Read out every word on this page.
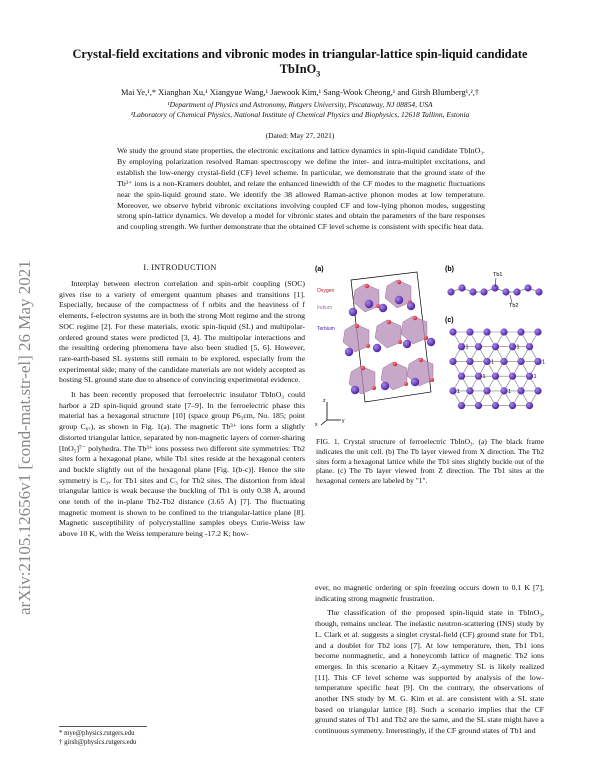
arXiv:2105.12656v1 [cond-mat.str-el] 26 May 2021
Crystal-field excitations and vibronic modes in triangular-lattice spin-liquid candidate
TbInO$_3$
Mai Ye,¹,* Xianghan Xu,¹ Xiangyue Wang,¹ Jaewook Kim,¹ Sang-Wook Cheong,¹ and Girsh Blumberg¹,²,†
¹Department of Physics and Astronomy, Rutgers University, Piscataway, NJ 08854, USA
²Laboratory of Chemical Physics, National Institute of Chemical Physics and Biophysics, 12618 Tallinn, Estonia
(Dated: May 27, 2021)

We study the ground state properties, the electronic excitations and lattice dynamics in spin-liquid candidate TbInO₃. By employing polarization resolved Raman spectroscopy we define the inter- and intra-multiplet excitations, and establish the low-energy crystal-field (CF) level scheme. In particular, we demonstrate that the ground state of the Tb³⁺ ions is a non-Kramers doublet, and relate the enhanced linewidth of the CF modes to the magnetic fluctuations near the spin-liquid ground state. We identify the 38 allowed Raman-active phonon modes at low temperature. Moreover, we observe hybrid vibronic excitations involving coupled CF and low-lying phonon modes, suggesting strong spin-lattice dynamics. We develop a model for vibronic states and obtain the parameters of the bare responses and coupling strength. We further demonstrate that the obtained CF level scheme is consistent with specific heat data.

I. INTRODUCTION

Interplay between electron correlation and spin-orbit coupling (SOC) gives rise to a variety of emergent quantum phases and transitions [1]. Especially, because of the compactness of f orbits and the heaviness of f elements, f-electron systems are in both the strong Mott regime and the strong SOC regime [2]. For these materials, exotic spin-liquid (SL) and multipolar-ordered ground states were predicted [3, 4]. The multipolar interactions and the resulting ordering phenomena have also been studied [5, 6]. However, rare-earth-based SL systems still remain to be explored, especially from the experimental side; many of the candidate materials are not widely accepted as hosting SL ground state due to absence of convincing experimental evidence.

It has been recently proposed that ferroelectric insulator TbInO₃ could harbor a 2D spin-liquid ground state [7–9]. In the ferroelectric phase this material has a hexagonal structure [10] (space group P6₃cm, No. 185; point group C₆ᵥ), as shown in Fig. 1(a). The magnetic Tb³⁺ ions form a slightly distorted triangular lattice, separated by non-magnetic layers of corner-sharing [InO₅]⁷⁻ polyhedra. The Tb³⁺ ions possess two different site symmetries: Tb2 sites form a hexagonal plane, while Tb1 sites reside at the hexagonal centers and buckle slightly out of the hexagonal plane [Fig. 1(b-c)]. Hence the site symmetry is C₃ᵥ for Tb1 sites and C₃ for Tb2 sites. The distortion from ideal triangular lattice is weak because the buckling of Tb1 is only 0.38 Å, around one tenth of the in-plane Tb2-Tb2 distance (3.65 Å) [7]. The fluctuating magnetic moment is shown to be confined to the triangular-lattice plane [8]. Magnetic susceptibility of polycrystalline samples obeys Curie-Weiss law above 10 K, with the Weiss temperature being -17.2 K; how-

(a)
Oxygen
Indium
Terbium
z
y
x
(b)
Tb1
Tb2
(c)
1	1
1	1
1	1
1	1

FIG. 1. Crystal structure of ferroelectric TbInO₃. (a) The black frame indicates the unit cell. (b) The Tb layer viewed from X direction. The Tb2 sites form a hexagonal lattice while the Tb1 sites slightly buckle out of the plane. (c) The Tb layer viewed from Z direction. The Tb1 sites at the hexagonal centers are labeled by "1".

ever, no magnetic ordering or spin freezing occurs down to 0.1 K [7], indicating strong magnetic frustration.

The classification of the proposed spin-liquid state in TbInO₃, though, remains unclear. The inelastic neutron-scattering (INS) study by L. Clark et al. suggests a singlet crystal-field (CF) ground state for Tb1, and a doublet for Tb2 ions [7]. At low temperature, then, Tb1 ions become nonmagnetic, and a honeycomb lattice of magnetic Tb2 ions emerges. In this scenario a Kitaev Z₂-symmetry SL is likely realized [11]. This CF level scheme was supported by analysis of the low-temperature specific heat [9]. On the contrary, the observations of another INS study by M. G. Kim et al. are consistent with a SL state based on triangular lattice [8]. Such a scenario implies that the CF ground states of Tb1 and Tb2 are the same, and the SL state might have a continuous symmetry. Interestingly, if the CF ground states of Tb1 and

* mye@physics.rutgers.edu
† girsh@physics.rutgers.edu
